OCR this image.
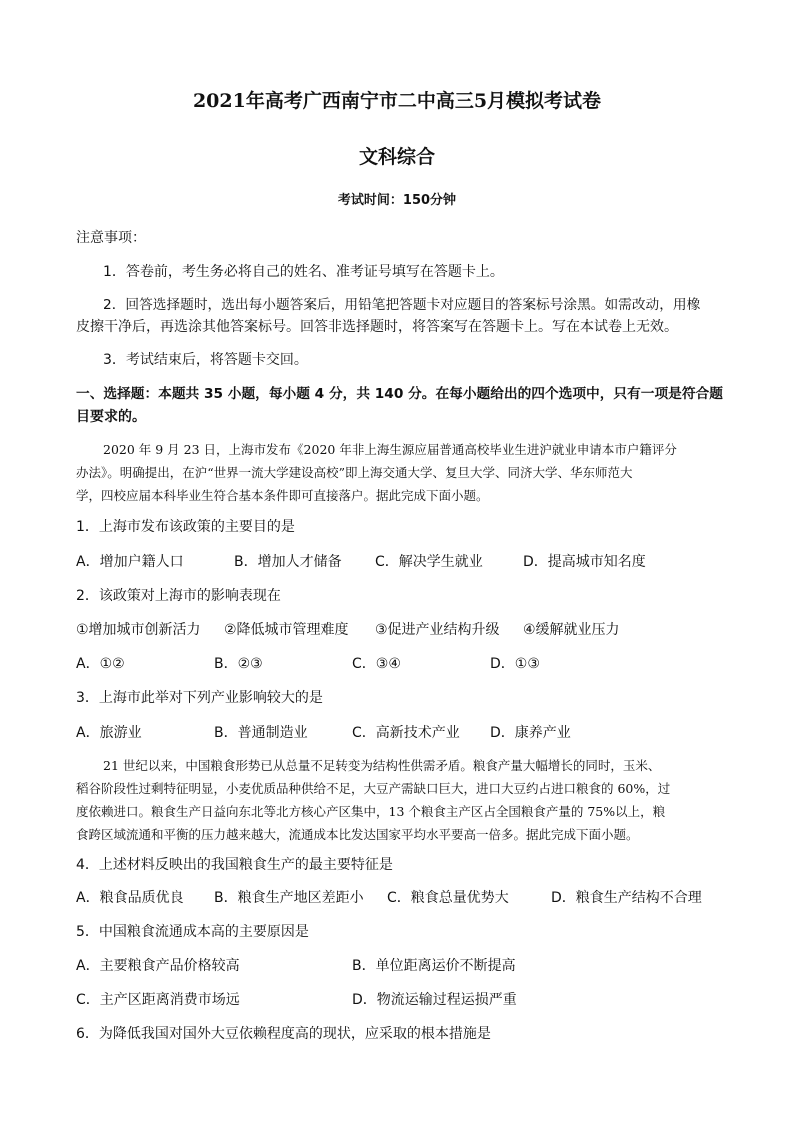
2021年高考广西南宁市二中高三5月模拟考试卷
文科综合
考试时间：150分钟
注意事项：
1．答卷前，考生务必将自己的姓名、准考证号填写在答题卡上。
2．回答选择题时，选出每小题答案后，用铅笔把答题卡对应题目的答案标号涂黑。如需改动，用橡
皮擦干净后，再选涂其他答案标号。回答非选择题时，将答案写在答题卡上。写在本试卷上无效。
3．考试结束后，将答题卡交回。
一、选择题：本题共 35 小题，每小题 4 分，共 140 分。在每小题给出的四个选项中，只有一项是符合题
目要求的。
2020 年 9 月 23 日，上海市发布《2020 年非上海生源应届普通高校毕业生进沪就业申请本市户籍评分
办法》。明确提出，在沪“世界一流大学建设高校”即上海交通大学、复旦大学、同济大学、华东师范大
学，四校应届本科毕业生符合基本条件即可直接落户。据此完成下面小题。
1．上海市发布该政策的主要目的是
A．增加户籍人口	B．增加人才储备 C．解决学生就业	D．提高城市知名度
2．该政策对上海市的影响表现在
①增加城市创新活力 ②降低城市管理难度 ③促进产业结构升级 ④缓解就业压力
A．①②	B．②③	C．③④	D．①③
3．上海市此举对下列产业影响较大的是
A．旅游业	B．普通制造业	C．高新技术产业 D．康养产业
21 世纪以来，中国粮食形势已从总量不足转变为结构性供需矛盾。粮食产量大幅增长的同时，玉米、
稻谷阶段性过剩特征明显，小麦优质品种供给不足，大豆产需缺口巨大，进口大豆约占进口粮食的 60%，过
度依赖进口。粮食生产日益向东北等北方核心产区集中，13 个粮食主产区占全国粮食产量的 75%以上，粮
食跨区域流通和平衡的压力越来越大，流通成本比发达国家平均水平要高一倍多。据此完成下面小题。
4．上述材料反映出的我国粮食生产的最主要特征是
A．粮食品质优良 B．粮食生产地区差距小 C．粮食总量优势大	D．粮食生产结构不合理
5．中国粮食流通成本高的主要原因是
A．主要粮食产品价格较高	B．单位距离运价不断提高
C．主产区距离消费市场远	D．物流运输过程运损严重
6．为降低我国对国外大豆依赖程度高的现状，应采取的根本措施是
